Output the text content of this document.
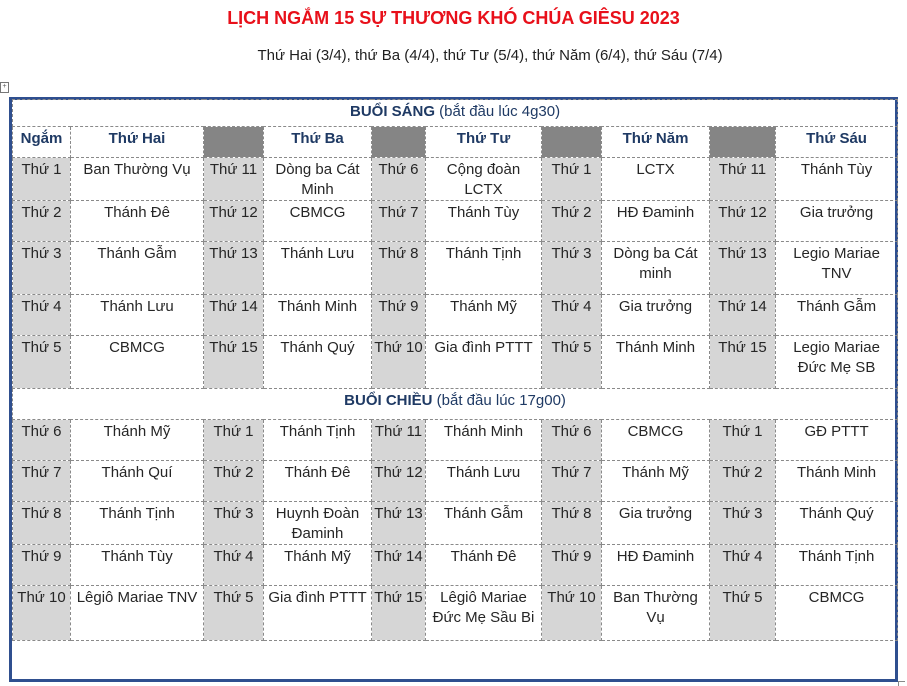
LỊCH NGẮM 15 SỰ THƯƠNG KHÓ CHÚA GIÊSU 2023
Thứ Hai (3/4), thứ Ba (4/4), thứ Tư (5/4), thứ Năm (6/4), thứ Sáu (7/4)
+
BUỔI SÁNG (bắt đầu lúc 4g30)									
Ngắm	Thứ Hai		Thứ Ba		Thứ Tư		Thứ Năm		Thứ Sáu
Thứ 1	Ban Thường Vụ	Thứ 11	Dòng ba Cát Minh	Thứ 6	Cộng đoàn LCTX	Thứ 1	LCTX	Thứ 11	Thánh Tùy
Thứ 2	Thánh Đê	Thứ 12	CBMCG	Thứ 7	Thánh Tùy	Thứ 2	HĐ Đaminh	Thứ 12	Gia trưởng
Thứ 3	Thánh Gẫm	Thứ 13	Thánh Lưu	Thứ 8	Thánh Tịnh	Thứ 3	Dòng ba Cát minh	Thứ 13	Legio Mariae TNV
Thứ 4	Thánh Lưu	Thứ 14	Thánh Minh	Thứ 9	Thánh Mỹ	Thứ 4	Gia trưởng	Thứ 14	Thánh Gẫm
Thứ 5	CBMCG	Thứ 15	Thánh Quý	Thứ 10	Gia đình PTTT	Thứ 5	Thánh Minh	Thứ 15	Legio Mariae Đức Mẹ SB
BUỔI CHIỀU (bắt đầu lúc 17g00)									
Thứ 6	Thánh Mỹ	Thứ 1	Thánh Tịnh	Thứ 11	Thánh Minh	Thứ 6	CBMCG	Thứ 1	GĐ PTTT
Thứ 7	Thánh Quí	Thứ 2	Thánh Đê	Thứ 12	Thánh Lưu	Thứ 7	Thánh Mỹ	Thứ 2	Thánh Minh
Thứ 8	Thánh Tịnh	Thứ 3	Huynh Đoàn Đaminh	Thứ 13	Thánh Gẫm	Thứ 8	Gia trưởng	Thứ 3	Thánh Quý
Thứ 9	Thánh Tùy	Thứ 4	Thánh Mỹ	Thứ 14	Thánh Đê	Thứ 9	HĐ Đaminh	Thứ 4	Thánh Tịnh
Thứ 10	Lêgiô Mariae TNV	Thứ 5	Gia đình PTTT	Thứ 15	Lêgiô Mariae Đức Mẹ Sầu Bi	Thứ 10	Ban Thường Vụ	Thứ 5	CBMCG
